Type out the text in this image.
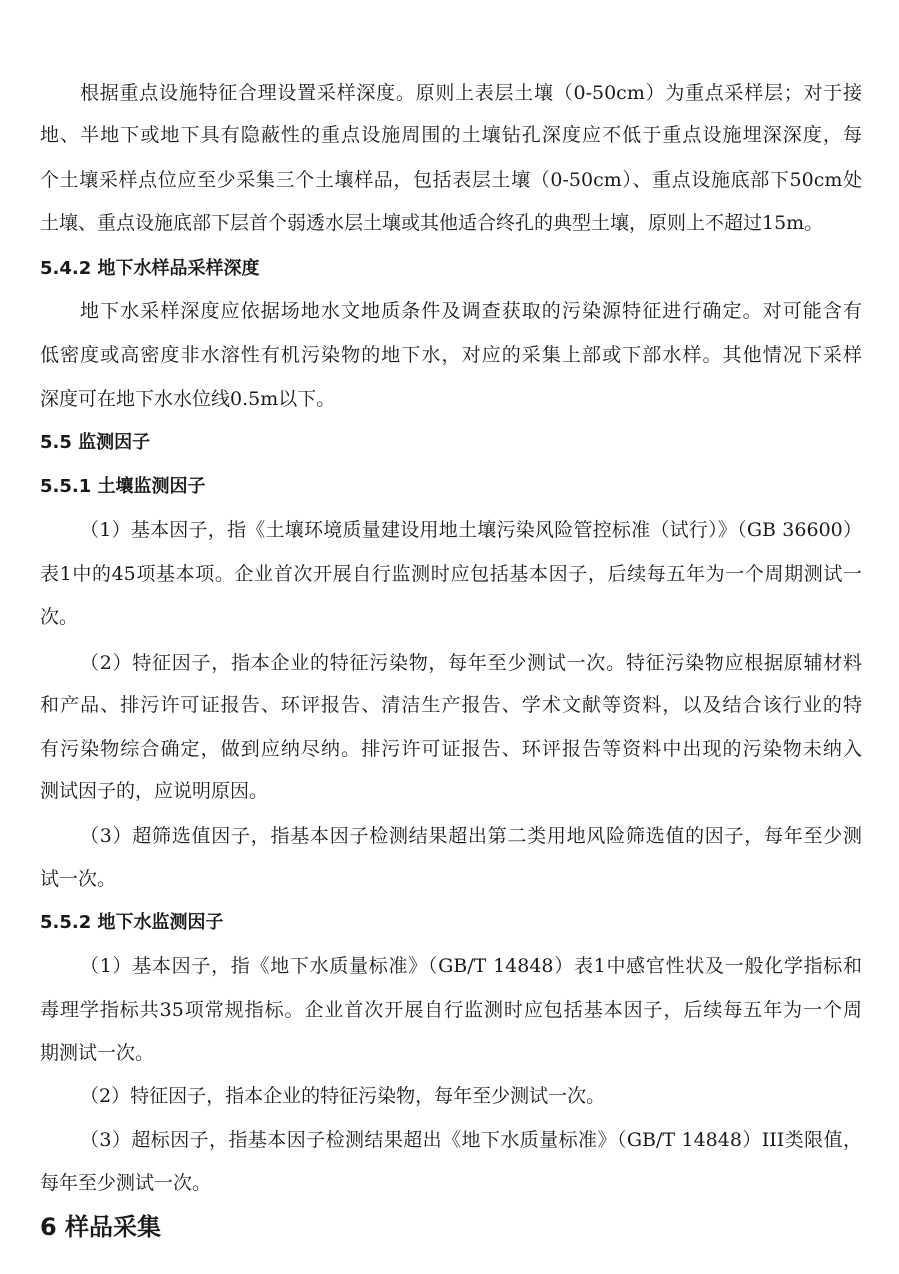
根据重点设施特征合理设置采样深度。原则上表层土壤（0-50cm）为重点采样层；对于接
地、半地下或地下具有隐蔽性的重点设施周围的土壤钻孔深度应不低于重点设施埋深深度，每
个土壤采样点位应至少采集三个土壤样品，包括表层土壤（0-50cm）、重点设施底部下50cm处
土壤、重点设施底部下层首个弱透水层土壤或其他适合终孔的典型土壤，原则上不超过15m。
5.4.2 地下水样品采样深度
地下水采样深度应依据场地水文地质条件及调查获取的污染源特征进行确定。对可能含有
低密度或高密度非水溶性有机污染物的地下水，对应的采集上部或下部水样。其他情况下采样
深度可在地下水水位线0.5m以下。
5.5 监测因子
5.5.1 土壤监测因子
（1）基本因子，指《土壤环境质量建设用地土壤污染风险管控标准（试行）》（GB 36600）
表1中的45项基本项。企业首次开展自行监测时应包括基本因子，后续每五年为一个周期测试一
次。
（2）特征因子，指本企业的特征污染物，每年至少测试一次。特征污染物应根据原辅材料
和产品、排污许可证报告、环评报告、清洁生产报告、学术文献等资料，以及结合该行业的特
有污染物综合确定，做到应纳尽纳。排污许可证报告、环评报告等资料中出现的污染物未纳入
测试因子的，应说明原因。
（3）超筛选值因子，指基本因子检测结果超出第二类用地风险筛选值的因子，每年至少测
试一次。
5.5.2 地下水监测因子
（1）基本因子，指《地下水质量标准》（GB/T 14848）表1中感官性状及一般化学指标和
毒理学指标共35项常规指标。企业首次开展自行监测时应包括基本因子，后续每五年为一个周
期测试一次。
（2）特征因子，指本企业的特征污染物，每年至少测试一次。
（3）超标因子，指基本因子检测结果超出《地下水质量标准》（GB/T 14848）III类限值，
每年至少测试一次。
6 样品采集
